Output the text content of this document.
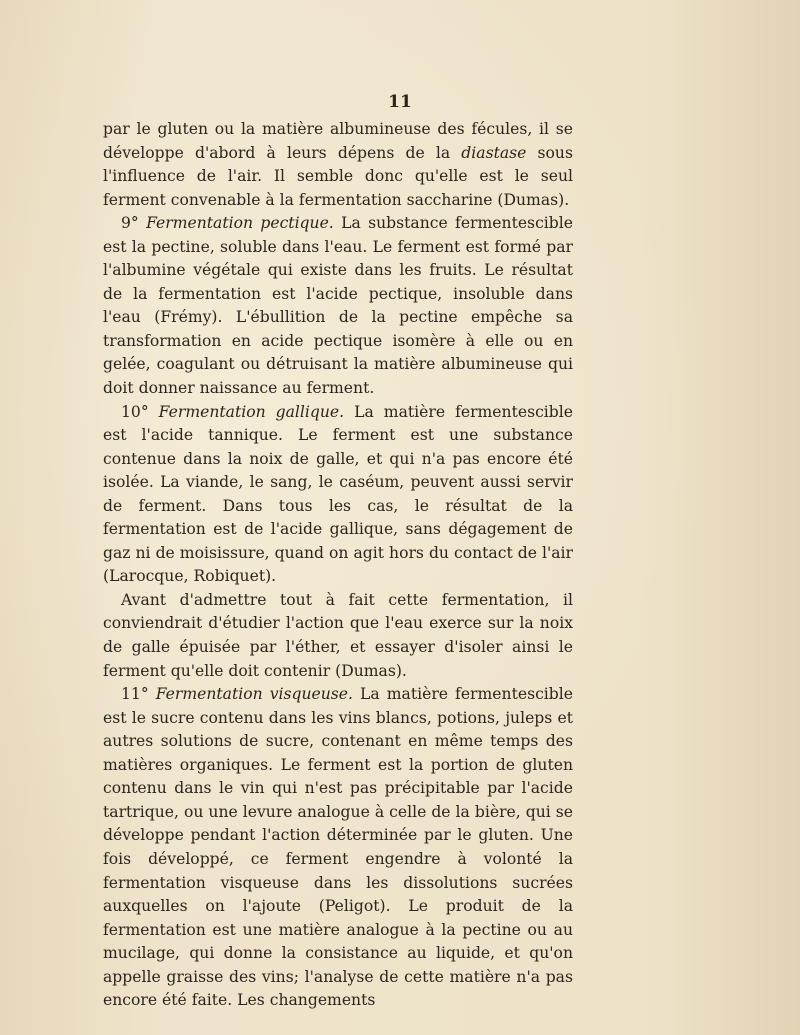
11

par le gluten ou la matière albumineuse des fécules, il se développe d'abord à leurs dépens de la diastase sous l'influence de l'air. Il semble donc qu'elle est le seul ferment convenable à la fermentation saccharine (Dumas).

9° Fermentation pectique. La substance fermentescible est la pectine, soluble dans l'eau. Le ferment est formé par l'albumine végétale qui existe dans les fruits. Le résultat de la fermentation est l'acide pectique, insoluble dans l'eau (Frémy). L'ébullition de la pectine empêche sa transformation en acide pectique isomère à elle ou en gelée, coagulant ou détruisant la matière albumineuse qui doit donner naissance au ferment.

10° Fermentation gallique. La matière fermentescible est l'acide tannique. Le ferment est une substance contenue dans la noix de galle, et qui n'a pas encore été isolée. La viande, le sang, le caséum, peuvent aussi servir de ferment. Dans tous les cas, le résultat de la fermentation est de l'acide gallique, sans dégagement de gaz ni de moisissure, quand on agit hors du contact de l'air (Larocque, Robiquet).

Avant d'admettre tout à fait cette fermentation, il conviendrait d'étudier l'action que l'eau exerce sur la noix de galle épuisée par l'éther, et essayer d'isoler ainsi le ferment qu'elle doit contenir (Dumas).

11° Fermentation visqueuse. La matière fermentescible est le sucre contenu dans les vins blancs, potions, juleps et autres solutions de sucre, contenant en même temps des matières organiques. Le ferment est la portion de gluten contenu dans le vin qui n'est pas précipitable par l'acide tartrique, ou une levure analogue à celle de la bière, qui se développe pendant l'action déterminée par le gluten. Une fois développé, ce ferment engendre à volonté la fermentation visqueuse dans les dissolutions sucrées auxquelles on l'ajoute (Peligot). Le produit de la fermentation est une matière analogue à la pectine ou au mucilage, qui donne la consistance au liquide, et qu'on appelle graisse des vins; l'analyse de cette matière n'a pas encore été faite. Les changements
